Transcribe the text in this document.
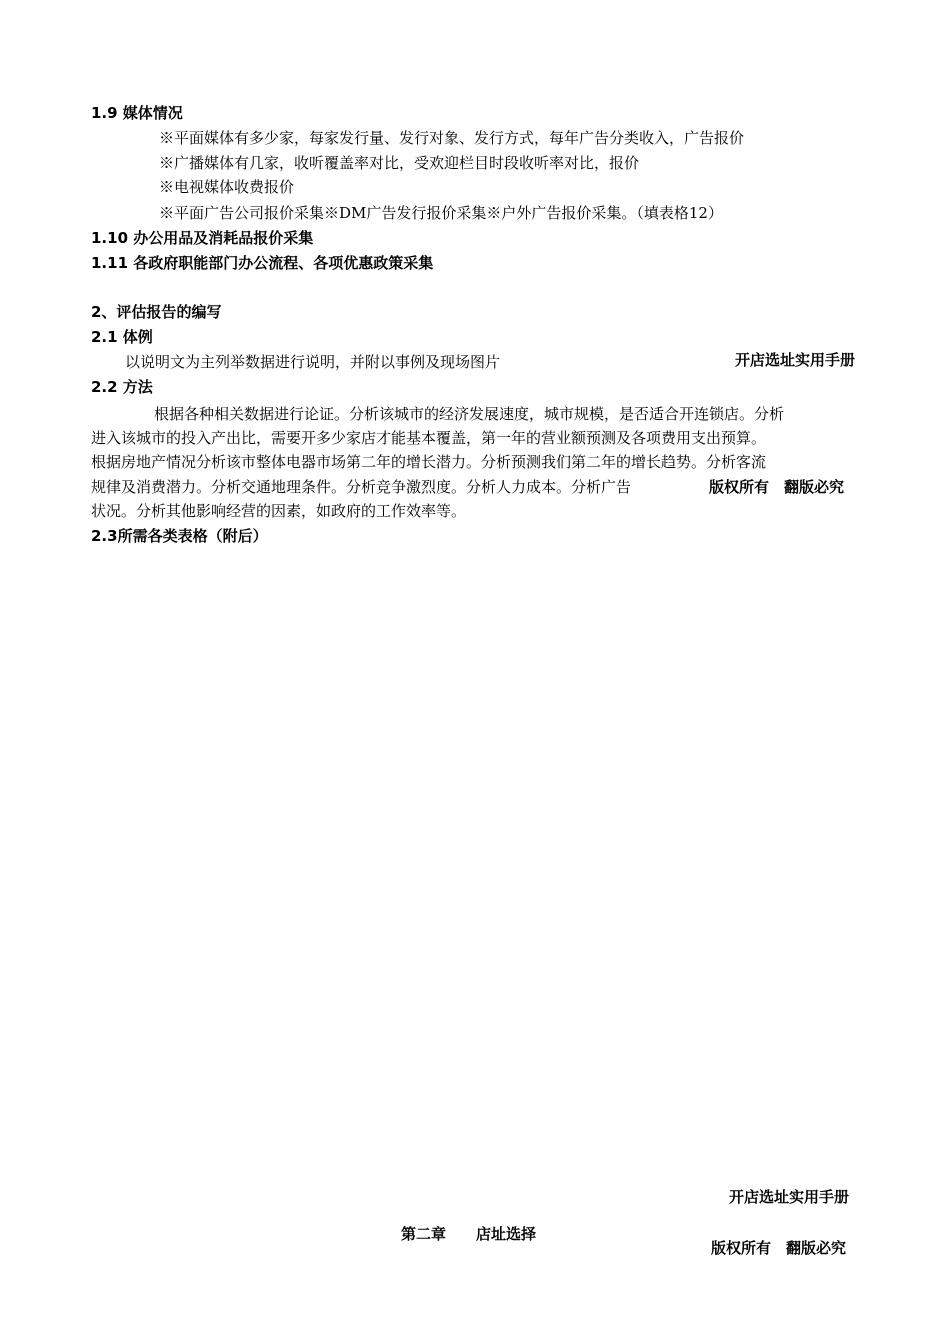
1.9 媒体情况
※平面媒体有多少家，每家发行量、发行对象、发行方式，每年广告分类收入，广告报价
※广播媒体有几家，收听覆盖率对比，受欢迎栏目时段收听率对比，报价
※电视媒体收费报价
※平面广告公司报价采集※DM广告发行报价采集※户外广告报价采集。（填表格12）
1.10 办公用品及消耗品报价采集
1.11 各政府职能部门办公流程、各项优惠政策采集
2、评估报告的编写
2.1 体例
以说明文为主列举数据进行说明，并附以事例及现场图片	开店选址实用手册
2.2 方法
根据各种相关数据进行论证。分析该城市的经济发展速度，城市规模，是否适合开连锁店。分析
进入该城市的投入产出比，需要开多少家店才能基本覆盖，第一年的营业额预测及各项费用支出预算。
根据房地产情况分析该市整体电器市场第二年的增长潜力。分析预测我们第二年的增长趋势。分析客流
规律及消费潜力。分析交通地理条件。分析竞争激烈度。分析人力成本。分析广告
状况。分析其他影响经营的因素，如政府的工作效率等。
版权所有　翻版必究
2.3所需各类表格（附后）
开店选址实用手册
第二章　　店址选择
版权所有　翻版必究
